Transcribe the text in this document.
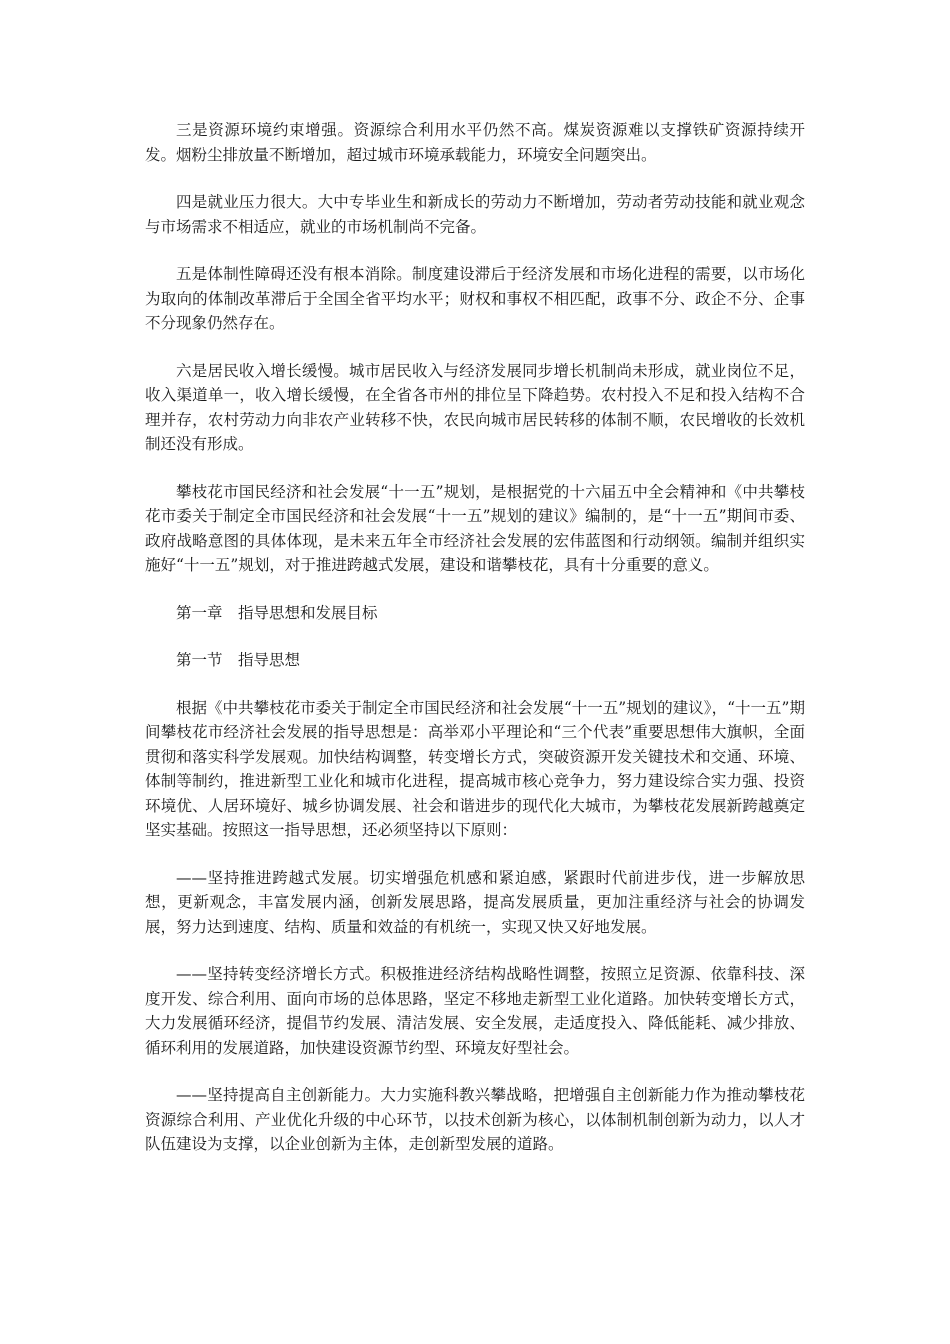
三是资源环境约束增强。资源综合利用水平仍然不高。煤炭资源难以支撑铁矿资源持续开发。烟粉尘排放量不断增加，超过城市环境承载能力，环境安全问题突出。

四是就业压力很大。大中专毕业生和新成长的劳动力不断增加，劳动者劳动技能和就业观念与市场需求不相适应，就业的市场机制尚不完备。

五是体制性障碍还没有根本消除。制度建设滞后于经济发展和市场化进程的需要，以市场化为取向的体制改革滞后于全国全省平均水平；财权和事权不相匹配，政事不分、政企不分、企事不分现象仍然存在。

六是居民收入增长缓慢。城市居民收入与经济发展同步增长机制尚未形成，就业岗位不足，收入渠道单一，收入增长缓慢，在全省各市州的排位呈下降趋势。农村投入不足和投入结构不合理并存，农村劳动力向非农产业转移不快，农民向城市居民转移的体制不顺，农民增收的长效机制还没有形成。

攀枝花市国民经济和社会发展“十一五”规划，是根据党的十六届五中全会精神和《中共攀枝花市委关于制定全市国民经济和社会发展“十一五”规划的建议》编制的，是“十一五”期间市委、政府战略意图的具体体现，是未来五年全市经济社会发展的宏伟蓝图和行动纲领。编制并组织实施好“十一五”规划，对于推进跨越式发展，建设和谐攀枝花，具有十分重要的意义。

第一章　指导思想和发展目标

第一节　指导思想

根据《中共攀枝花市委关于制定全市国民经济和社会发展“十一五”规划的建议》，“十一五”期间攀枝花市经济社会发展的指导思想是：高举邓小平理论和“三个代表”重要思想伟大旗帜，全面贯彻和落实科学发展观。加快结构调整，转变增长方式，突破资源开发关键技术和交通、环境、体制等制约，推进新型工业化和城市化进程，提高城市核心竞争力，努力建设综合实力强、投资环境优、人居环境好、城乡协调发展、社会和谐进步的现代化大城市，为攀枝花发展新跨越奠定坚实基础。按照这一指导思想，还必须坚持以下原则：

——坚持推进跨越式发展。切实增强危机感和紧迫感，紧跟时代前进步伐，进一步解放思想，更新观念，丰富发展内涵，创新发展思路，提高发展质量，更加注重经济与社会的协调发展，努力达到速度、结构、质量和效益的有机统一，实现又快又好地发展。

——坚持转变经济增长方式。积极推进经济结构战略性调整，按照立足资源、依靠科技、深度开发、综合利用、面向市场的总体思路，坚定不移地走新型工业化道路。加快转变增长方式，大力发展循环经济，提倡节约发展、清洁发展、安全发展，走适度投入、降低能耗、减少排放、循环利用的发展道路，加快建设资源节约型、环境友好型社会。

——坚持提高自主创新能力。大力实施科教兴攀战略，把增强自主创新能力作为推动攀枝花资源综合利用、产业优化升级的中心环节，以技术创新为核心，以体制机制创新为动力，以人才队伍建设为支撑，以企业创新为主体，走创新型发展的道路。
